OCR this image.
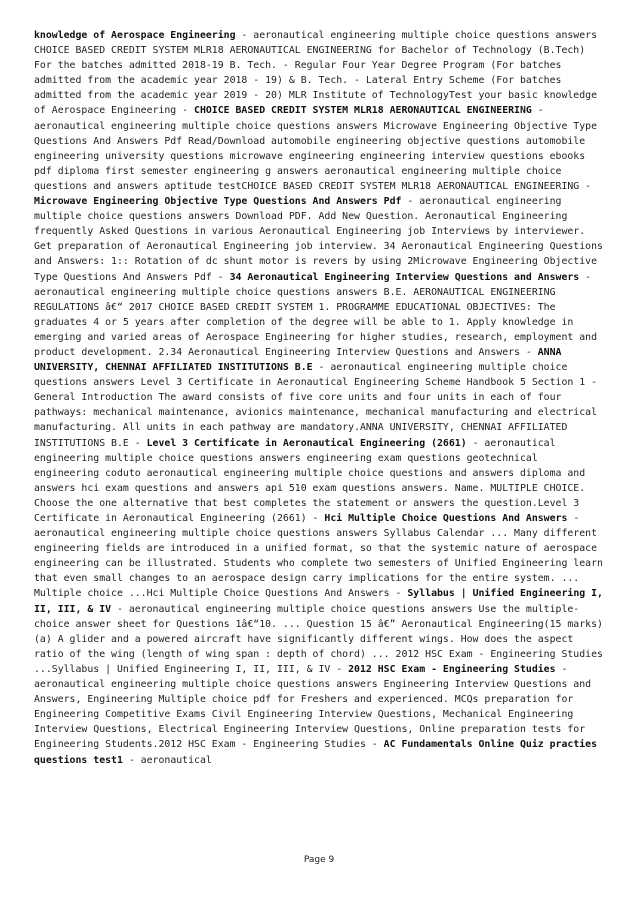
knowledge of Aerospace Engineering - aeronautical engineering multiple choice questions answers CHOICE BASED CREDIT SYSTEM MLR18 AERONAUTICAL ENGINEERING for Bachelor of Technology (B.Tech) For the batches admitted 2018-19 B. Tech. - Regular Four Year Degree Program (For batches admitted from the academic year 2018 - 19) & B. Tech. - Lateral Entry Scheme (For batches admitted from the academic year 2019 - 20) MLR Institute of TechnologyTest your basic knowledge of Aerospace Engineering - CHOICE BASED CREDIT SYSTEM MLR18 AERONAUTICAL ENGINEERING - aeronautical engineering multiple choice questions answers Microwave Engineering Objective Type Questions And Answers Pdf Read/Download automobile engineering objective questions automobile engineering university questions microwave engineering engineering interview questions ebooks pdf diploma first semester engineering g answers aeronautical engineering multiple choice questions and answers aptitude testCHOICE BASED CREDIT SYSTEM MLR18 AERONAUTICAL ENGINEERING - Microwave Engineering Objective Type Questions And Answers Pdf - aeronautical engineering multiple choice questions answers Download PDF. Add New Question. Aeronautical Engineering frequently Asked Questions in various Aeronautical Engineering job Interviews by interviewer. Get preparation of Aeronautical Engineering job interview. 34 Aeronautical Engineering Questions and Answers: 1:: Rotation of dc shunt motor is revers by using 2Microwave Engineering Objective Type Questions And Answers Pdf - 34 Aeronautical Engineering Interview Questions and Answers - aeronautical engineering multiple choice questions answers B.E. AERONAUTICAL ENGINEERING REGULATIONS â€“ 2017 CHOICE BASED CREDIT SYSTEM 1. PROGRAMME EDUCATIONAL OBJECTIVES: The graduates 4 or 5 years after completion of the degree will be able to 1. Apply knowledge in emerging and varied areas of Aerospace Engineering for higher studies, research, employment and product development. 2.34 Aeronautical Engineering Interview Questions and Answers - ANNA UNIVERSITY, CHENNAI AFFILIATED INSTITUTIONS B.E - aeronautical engineering multiple choice questions answers Level 3 Certificate in Aeronautical Engineering Scheme Handbook 5 Section 1 - General Introduction The award consists of five core units and four units in each of four pathways: mechanical maintenance, avionics maintenance, mechanical manufacturing and electrical manufacturing. All units in each pathway are mandatory.ANNA UNIVERSITY, CHENNAI AFFILIATED INSTITUTIONS B.E - Level 3 Certificate in Aeronautical Engineering (2661) - aeronautical engineering multiple choice questions answers engineering exam questions geotechnical engineering coduto aeronautical engineering multiple choice questions and answers diploma and answers hci exam questions and answers api 510 exam questions answers. Name. MULTIPLE CHOICE. Choose the one alternative that best completes the statement or answers the question.Level 3 Certificate in Aeronautical Engineering (2661) - Hci Multiple Choice Questions And Answers - aeronautical engineering multiple choice questions answers Syllabus Calendar ... Many different engineering fields are introduced in a unified format, so that the systemic nature of aerospace engineering can be illustrated. Students who complete two semesters of Unified Engineering learn that even small changes to an aerospace design carry implications for the entire system. ... Multiple choice ...Hci Multiple Choice Questions And Answers - Syllabus | Unified Engineering I, II, III, & IV - aeronautical engineering multiple choice questions answers Use the multiple-choice answer sheet for Questions 1â€“10. ... Question 15 â€” Aeronautical Engineering(15 marks) (a) A glider and a powered aircraft have significantly different wings. How does the aspect ratio of the wing (length of wing span : depth of chord) ... 2012 HSC Exam - Engineering Studies ...Syllabus | Unified Engineering I, II, III, & IV - 2012 HSC Exam - Engineering Studies - aeronautical engineering multiple choice questions answers Engineering Interview Questions and Answers, Engineering Multiple choice pdf for Freshers and experienced. MCQs preparation for Engineering Competitive Exams Civil Engineering Interview Questions, Mechanical Engineering Interview Questions, Electrical Engineering Interview Questions, Online preparation tests for Engineering Students.2012 HSC Exam - Engineering Studies - AC Fundamentals Online Quiz practies questions test1 - aeronautical
Page 9
